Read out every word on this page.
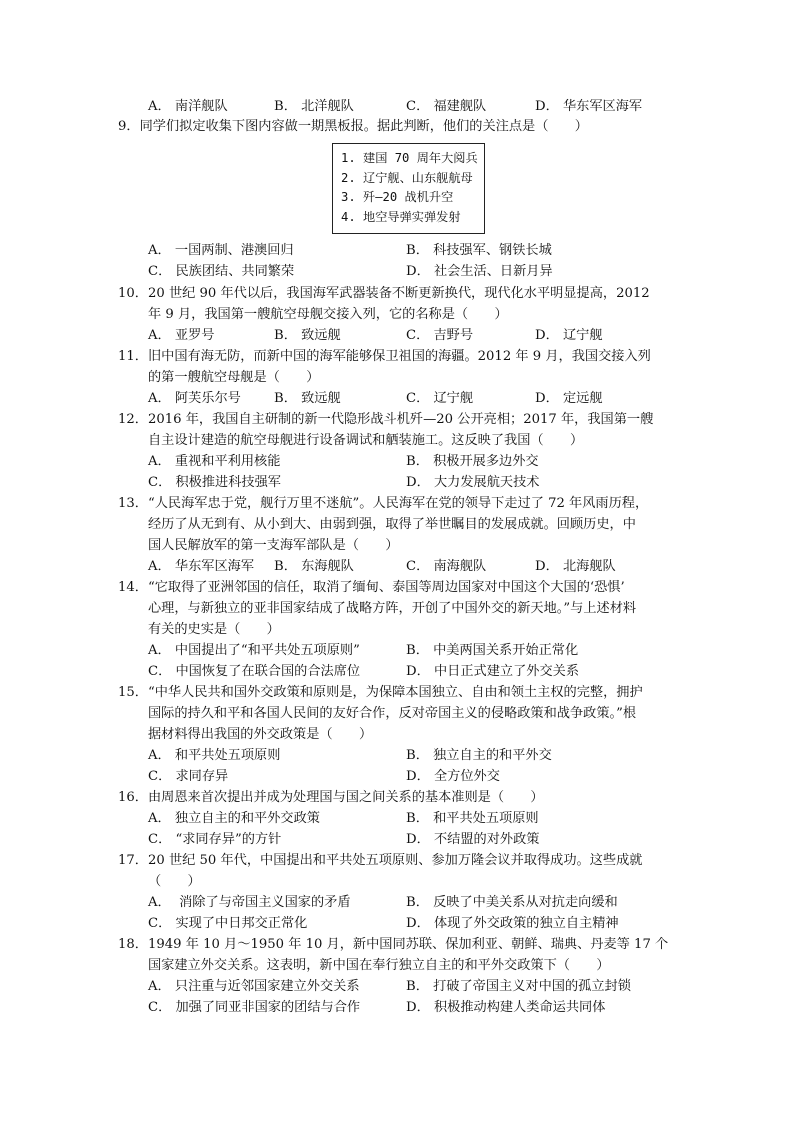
A． 南洋舰队	B． 北洋舰队	C． 福建舰队	D． 华东军区海军
9．同学们拟定收集下图内容做一期黑板报。据此判断，他们的关注点是（　　）
1. 建国 70 周年大阅兵
2. 辽宁舰、山东舰航母
3. 歼—20 战机升空
4. 地空导弹实弹发射
A． 一国两制、港澳回归	B． 科技强军、钢铁长城
C． 民族团结、共同繁荣	D． 社会生活、日新月异
10．20 世纪 90 年代以后，我国海军武器装备不断更新换代，现代化水平明显提高，2012
年 9 月，我国第一艘航空母舰交接入列，它的名称是（　　）
A． 亚罗号	B． 致远舰	C． 吉野号	D． 辽宁舰
11．旧中国有海无防，而新中国的海军能够保卫祖国的海疆。2012 年 9 月，我国交接入列
的第一艘航空母舰是（　　）
A． 阿芙乐尔号	B． 致远舰	C． 辽宁舰	D． 定远舰
12．2016 年，我国自主研制的新一代隐形战斗机歼—20 公开亮相；2017 年，我国第一艘
自主设计建造的航空母舰进行设备调试和舾装施工。这反映了我国（　　）
A． 重视和平利用核能	B． 积极开展多边外交
C． 积极推进科技强军	D． 大力发展航天技术
13．“人民海军忠于党，舰行万里不迷航”。人民海军在党的领导下走过了 72 年风雨历程，
经历了从无到有、从小到大、由弱到强，取得了举世瞩目的发展成就。回顾历史，中
国人民解放军的第一支海军部队是（　　）
A． 华东军区海军 B． 东海舰队	C． 南海舰队	D． 北海舰队
14．“它取得了亚洲邻国的信任，取消了缅甸、泰国等周边国家对中国这个大国的‘恐惧’
心理，与新独立的亚非国家结成了战略方阵，开创了中国外交的新天地。”与上述材料
有关的史实是（　　）
A． 中国提出了“和平共处五项原则”	B． 中美两国关系开始正常化
C． 中国恢复了在联合国的合法席位	D． 中日正式建立了外交关系
15．“中华人民共和国外交政策和原则是，为保障本国独立、自由和领土主权的完整，拥护
国际的持久和平和各国人民间的友好合作，反对帝国主义的侵略政策和战争政策。”根
据材料得出我国的外交政策是（　　）
A． 和平共处五项原则	B． 独立自主的和平外交
C． 求同存异	D． 全方位外交
16．由周恩来首次提出并成为处理国与国之间关系的基本准则是（　　）
A． 独立自主的和平外交政策	B． 和平共处五项原则
C． “求同存异”的方针	D． 不结盟的对外政策
17．20 世纪 50 年代，中国提出和平共处五项原则、参加万隆会议并取得成功。这些成就
（　　）
A．  消除了与帝国主义国家的矛盾	B． 反映了中美关系从对抗走向缓和
C． 实现了中日邦交正常化	D． 体现了外交政策的独立自主精神
18．1949 年 10 月～1950 年 10 月，新中国同苏联、保加利亚、朝鲜、瑞典、丹麦等 17 个
国家建立外交关系。这表明，新中国在奉行独立自主的和平外交政策下（　　）
A． 只注重与近邻国家建立外交关系	B． 打破了帝国主义对中国的孤立封锁
C． 加强了同亚非国家的团结与合作	D． 积极推动构建人类命运共同体
